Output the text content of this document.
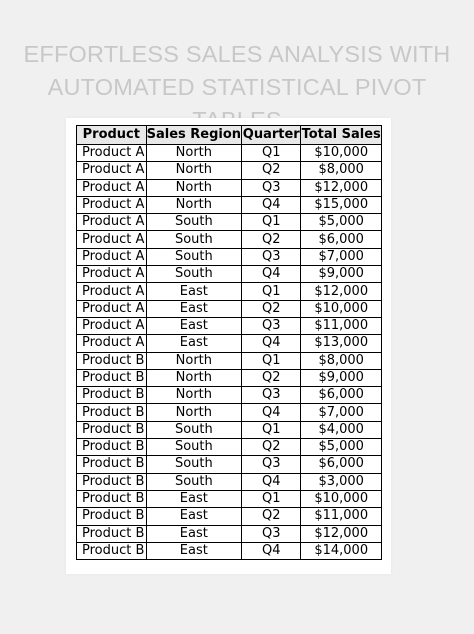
EFFORTLESS SALES ANALYSIS WITH
AUTOMATED STATISTICAL PIVOT
Product	Sales Region	Quarter	Total Sales
Product A	North	Q1	$10,000
Product A	North	Q2	$8,000
Product A	North	Q3	$12,000
Product A	North	Q4	$15,000
Product A	South	Q1	$5,000
Product A	South	Q2	$6,000
Product A	South	Q3	$7,000
Product A	South	Q4	$9,000
Product A	East	Q1	$12,000
Product A	East	Q2	$10,000
Product A	East	Q3	$11,000
Product A	East	Q4	$13,000
Product B	North	Q1	$8,000
Product B	North	Q2	$9,000
Product B	North	Q3	$6,000
Product B	North	Q4	$7,000
Product B	South	Q1	$4,000
Product B	South	Q2	$5,000
Product B	South	Q3	$6,000
Product B	South	Q4	$3,000
Product B	East	Q1	$10,000
Product B	East	Q2	$11,000
Product B	East	Q3	$12,000
Product B	East	Q4	$14,000
